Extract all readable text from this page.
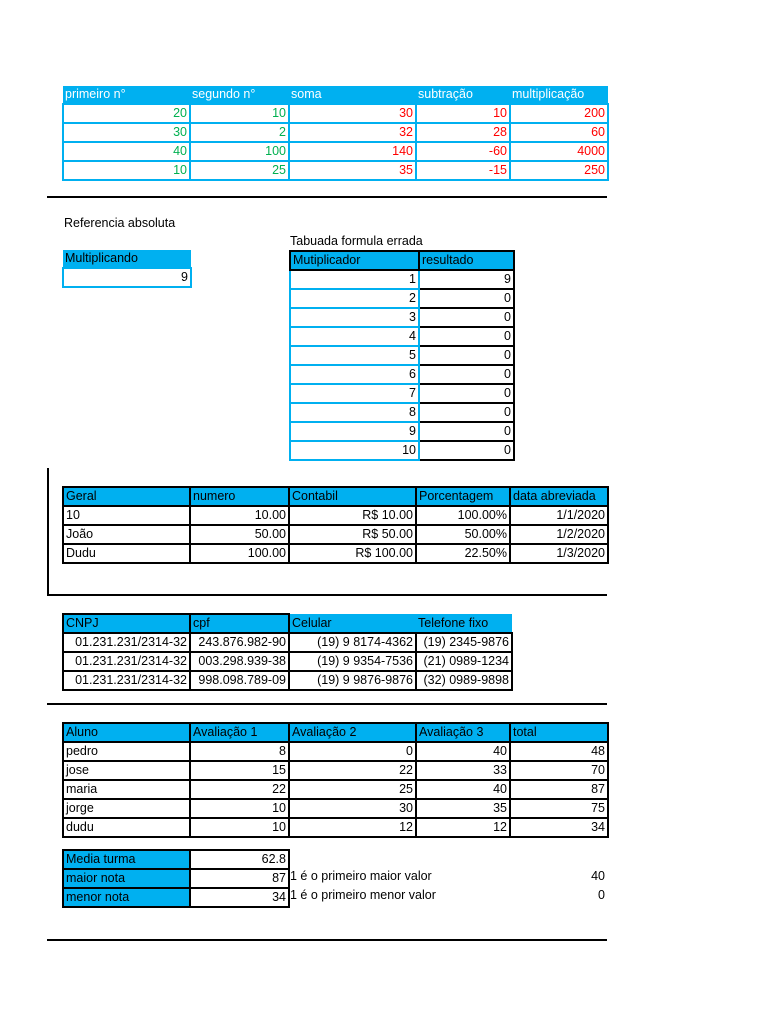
primeiro n°	segundo n°	soma	subtração	multiplicação
20	10	30	10	200
30	2	32	28	60
40	100	140	-60	4000
10	25	35	-15	250
Referencia absoluta
Multiplicando
9
Tabuada formula errada
Mutiplicador	resultado
1	9
2	0
3	0
4	0
5	0
6	0
7	0
8	0
9	0
10	0
Geral	numero	Contabil	Porcentagem	data abreviada
10	10.00	R$ 10.00	100.00%	1/1/2020
João	50.00	R$ 50.00	50.00%	1/2/2020
Dudu	100.00	R$ 100.00	22.50%	1/3/2020
CNPJ	cpf	Celular	Telefone fixo
01.231.231/2314-32	243.876.982-90	(19) 9 8174-4362	(19) 2345-9876
01.231.231/2314-32	003.298.939-38	(19) 9 9354-7536	(21) 0989-1234
01.231.231/2314-32	998.098.789-09	(19) 9 9876-9876	(32) 0989-9898
Aluno	Avaliação 1	Avaliação 2	Avaliação 3	total
pedro	8	0	40	48
jose	15	22	33	70
maria	22	25	40	87
jorge	10	30	35	75
dudu	10	12	12	34
Media turma	62.8
maior nota	87
menor nota	34
1 é o primeiro maior valor	40
1 é o primeiro menor valor	0
